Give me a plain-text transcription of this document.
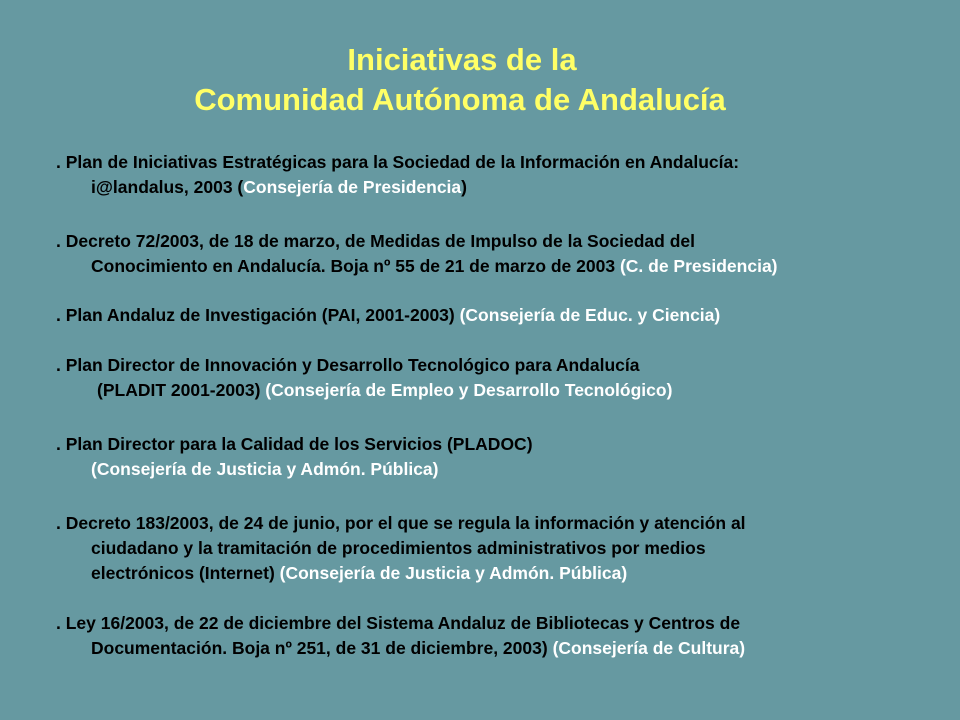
Iniciativas de la
Comunidad Autónoma de Andalucía
. Plan de Iniciativas Estratégicas para la Sociedad de la Información en Andalucía:
i@landalus, 2003 (Consejería de Presidencia)
. Decreto 72/2003, de 18 de marzo, de Medidas de Impulso de la Sociedad del
Conocimiento en Andalucía. Boja nº 55 de 21 de marzo de 2003 (C. de Presidencia)
. Plan Andaluz de Investigación (PAI, 2001-2003) (Consejería de Educ. y Ciencia)
. Plan Director de Innovación y Desarrollo Tecnológico para Andalucía
(PLADIT 2001-2003) (Consejería de Empleo y Desarrollo Tecnológico)
. Plan Director para la Calidad de los Servicios (PLADOC)
(Consejería de Justicia y Admón. Pública)
. Decreto 183/2003, de 24 de junio, por el que se regula la información y atención al
ciudadano y la tramitación de procedimientos administrativos por medios
electrónicos (Internet) (Consejería de Justicia y Admón. Pública)
. Ley 16/2003, de 22 de diciembre del Sistema Andaluz de Bibliotecas y Centros de
Documentación. Boja nº 251, de 31 de diciembre, 2003) (Consejería de Cultura)
